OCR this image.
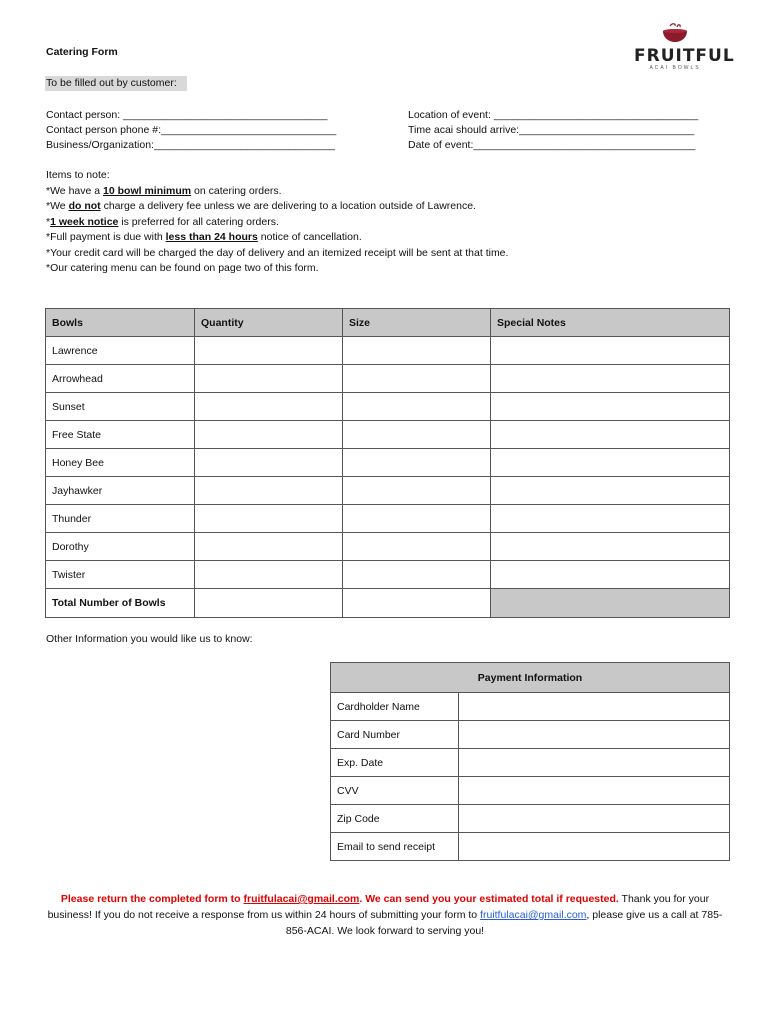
FRUITFUL
ACAI BOWLS
Catering Form
To be filled out by customer:
Contact person: ___________________________________
Contact person phone #:______________________________
Business/Organization:_______________________________
Location of event: ___________________________________
Time acai should arrive:______________________________
Date of event:______________________________________
Items to note:
*We have a 10 bowl minimum on catering orders.
*We do not charge a delivery fee unless we are delivering to a location outside of Lawrence.
*1 week notice is preferred for all catering orders.
*Full payment is due with less than 24 hours notice of cancellation.
*Your credit card will be charged the day of delivery and an itemized receipt will be sent at that time.
*Our catering menu can be found on page two of this form.
Bowls	Quantity	Size	Special Notes
Lawrence			
Arrowhead			
Sunset			
Free State			
Honey Bee			
Jayhawker			
Thunder			
Dorothy			
Twister			
Total Number of Bowls			
Other Information you would like us to know:
Payment Information	
Cardholder Name	
Card Number	
Exp. Date	
CVV	
Zip Code	
Email to send receipt	
Please return the completed form to fruitfulacai@gmail.com. We can send you your estimated total if requested. Thank you for your business! If you do not receive a response from us within 24 hours of submitting your form to fruitfulacai@gmail.com, please give us a call at 785-856-ACAI. We look forward to serving you!
